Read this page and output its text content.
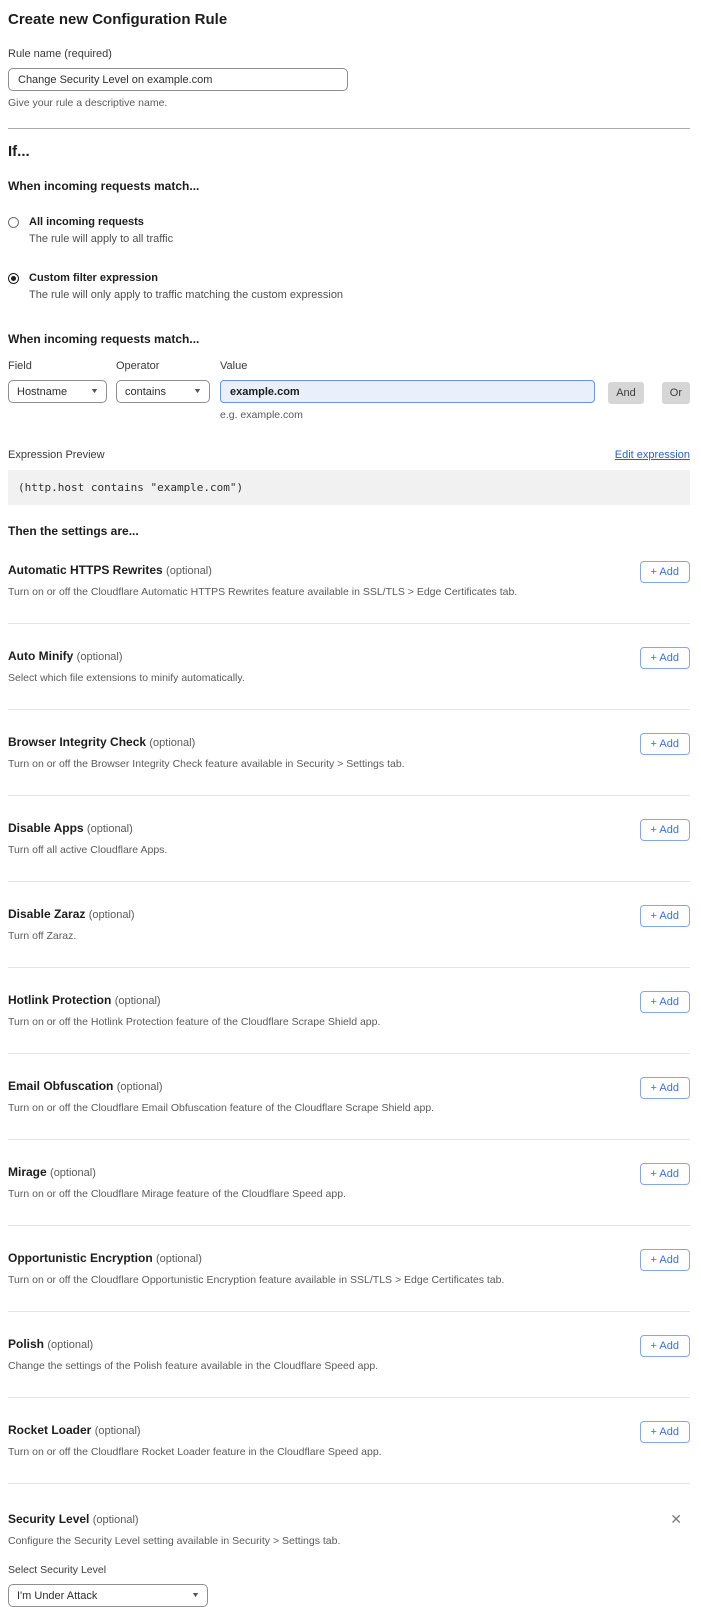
Create new Configuration Rule
Rule name (required)
Change Security Level on example.com
Give your rule a descriptive name.
If...
When incoming requests match...
All incoming requests
The rule will apply to all traffic
Custom filter expression
The rule will only apply to traffic matching the custom expression
When incoming requests match...
Field
Hostname	▼
Operator
contains	▼
Value
example.com
e.g. example.com
And	Or
Expression Preview	Edit expression
(http.host contains "example.com")
Then the settings are...
Automatic HTTPS Rewrites (optional)
Turn on or off the Cloudflare Automatic HTTPS Rewrites feature available in SSL/TLS > Edge Certificates tab.
+ Add
Auto Minify (optional)
Select which file extensions to minify automatically.
+ Add
Browser Integrity Check (optional)
Turn on or off the Browser Integrity Check feature available in Security > Settings tab.
+ Add
Disable Apps (optional)
Turn off all active Cloudflare Apps.
+ Add
Disable Zaraz (optional)
Turn off Zaraz.
+ Add
Hotlink Protection (optional)
Turn on or off the Hotlink Protection feature of the Cloudflare Scrape Shield app.
+ Add
Email Obfuscation (optional)
Turn on or off the Cloudflare Email Obfuscation feature of the Cloudflare Scrape Shield app.
+ Add
Mirage (optional)
Turn on or off the Cloudflare Mirage feature of the Cloudflare Speed app.
+ Add
Opportunistic Encryption (optional)
Turn on or off the Cloudflare Opportunistic Encryption feature available in SSL/TLS > Edge Certificates tab.
+ Add
Polish (optional)
Change the settings of the Polish feature available in the Cloudflare Speed app.
+ Add
Rocket Loader (optional)
Turn on or off the Cloudflare Rocket Loader feature in the Cloudflare Speed app.
+ Add
Security Level (optional)	✕
Configure the Security Level setting available in Security > Settings tab.
Select Security Level
I'm Under Attack	▼
